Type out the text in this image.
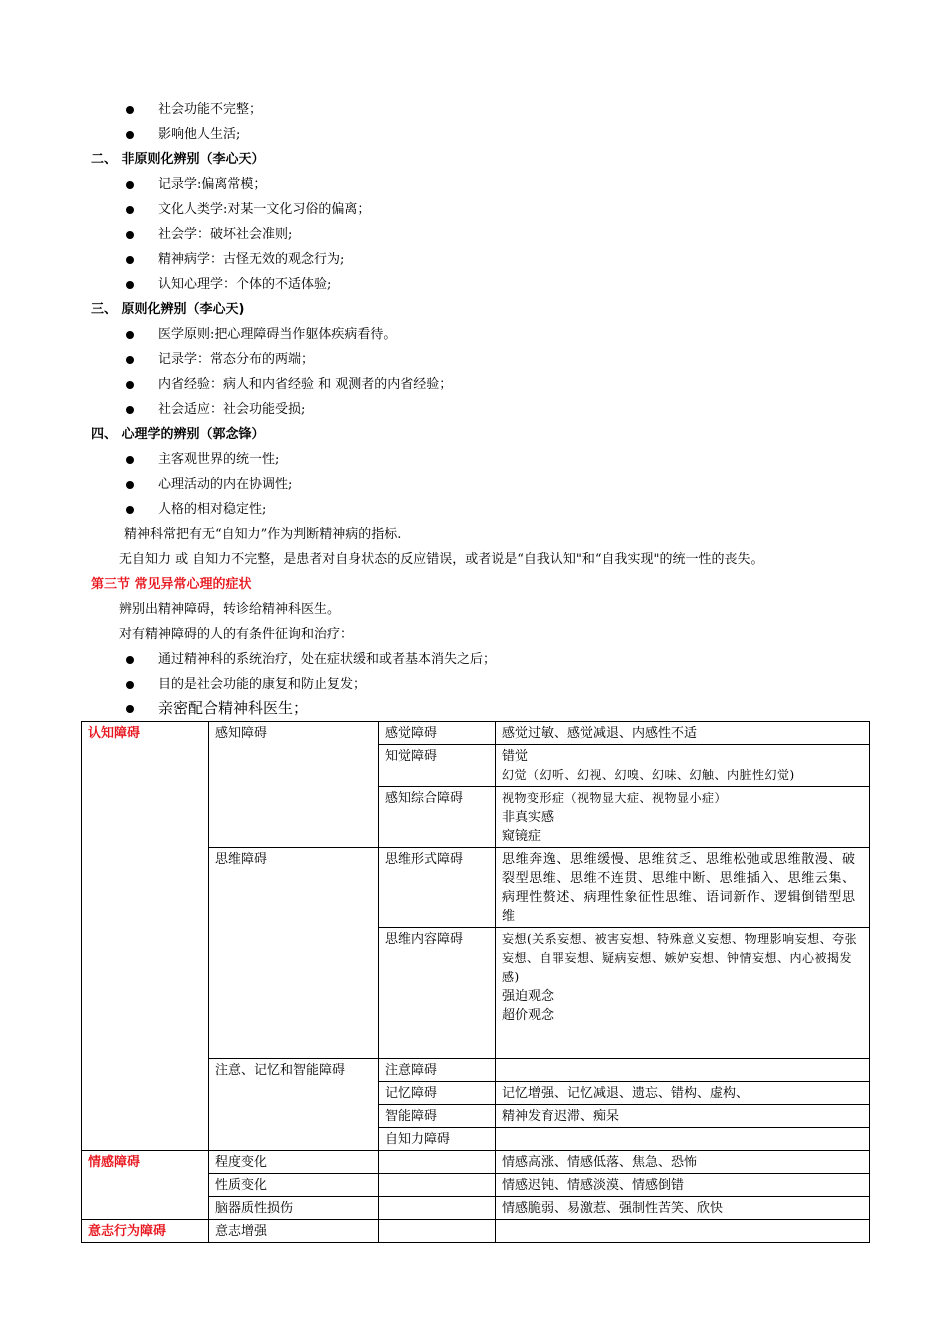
社会功能不完整；
影响他人生活;
二、 非原则化辨别（李心天）
记录学:偏离常模；
文化人类学:对某一文化习俗的偏离；
社会学：破坏社会准则;
精神病学：古怪无效的观念行为;
认知心理学：个体的不适体验;
三、 原则化辨别（李心天)
医学原则:把心理障碍当作躯体疾病看待。
记录学：常态分布的两端；
内省经验：病人和内省经验 和 观测者的内省经验；
社会适应：社会功能受损;
四、 心理学的辨别（郭念锋）
主客观世界的统一性;
心理活动的内在协调性;
人格的相对稳定性;
精神科常把有无“自知力”作为判断精神病的指标.
无自知力 或 自知力不完整，是患者对自身状态的反应错误，或者说是“自我认知"和“自我实现"的统一性的丧失。
第三节 常见异常心理的症状
辨别出精神障碍，转诊给精神科医生。
对有精神障碍的人的有条件征询和治疗：
通过精神科的系统治疗，处在症状缓和或者基本消失之后；
目的是社会功能的康复和防止复发；
亲密配合精神科医生；
认知障碍	感知障碍	感觉障碍	感觉过敏、感觉减退、内感性不适
		知觉障碍	错觉
幻觉（幻听、幻视、幻嗅、幻味、幻触、内脏性幻觉)

		感知综合障碍	视物变形症（视物显大症、视物显小症）
非真实感
窥镜症

	思维障碍	思维形式障碍	思维奔逸、思维缓慢、思维贫乏、思维松弛或思维散漫、破裂型思维、思维不连贯、思维中断、思维插入、思维云集、病理性赘述、病理性象征性思维、语词新作、逻辑倒错型思维
		思维内容障碍	妄想(关系妄想、被害妄想、特殊意义妄想、物理影响妄想、夸张妄想、自罪妄想、疑病妄想、嫉妒妄想、钟情妄想、内心被揭发感)
强迫观念
超价观念

	注意、记忆和智能障碍	注意障碍	
		记忆障碍	记忆增强、记忆减退、遗忘、错构、虚构、
		智能障碍	精神发育迟滞、痴呆
		自知力障碍	
情感障碍	程度变化		情感高涨、情感低落、焦急、恐怖
	性质变化		情感迟钝、情感淡漠、情感倒错
	脑器质性损伤		情感脆弱、易激惹、强制性苦笑、欣快
意志行为障碍	意志增强		
